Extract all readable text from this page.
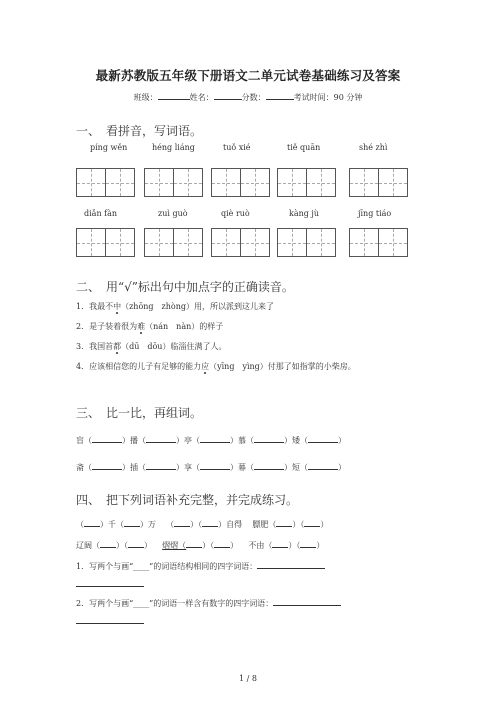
最新苏教版五年级下册语文二单元试卷基础练习及答案
班级：	姓名：	分数：	考试时间：90 分钟
一、 看拼音，写词语。
píng wěn	héng liáng	tuǒ xié	tiě quān	shé zhì
diǎn fàn	zuì guò	qiè ruò	kàng jù	jīng tiáo
二、 用“√”标出句中加点字的正确读音。
1．我最不中（zhōng　zhòng）用，所以派到这儿来了
2．是子装着很为难（nán　nàn）的样子
3．我国首都（dū　dōu）临淄住满了人。
4．应该相信您的儿子有足够的能力应（yīng　yìng）付那了如指掌的小柴房。
三、 比一比，再组词。
盲（	）播（	）亭（	）慕（	）矮（	）
斋（	）插（	）享（	）幕（	）短（	）
四、 把下列词语补充完整，并完成练习。
（ ）千（ ）万 （ ）（ ）自得 膘肥（ ）（ ）
辽阔（ ）（ ） 熠熠（ ）（ ） 不由（ ）（ ）
1．写两个与画“____”的词语结构相同的四字词语：
2．写两个与画“____”的词语一样含有数字的四字词语：
1 / 8
